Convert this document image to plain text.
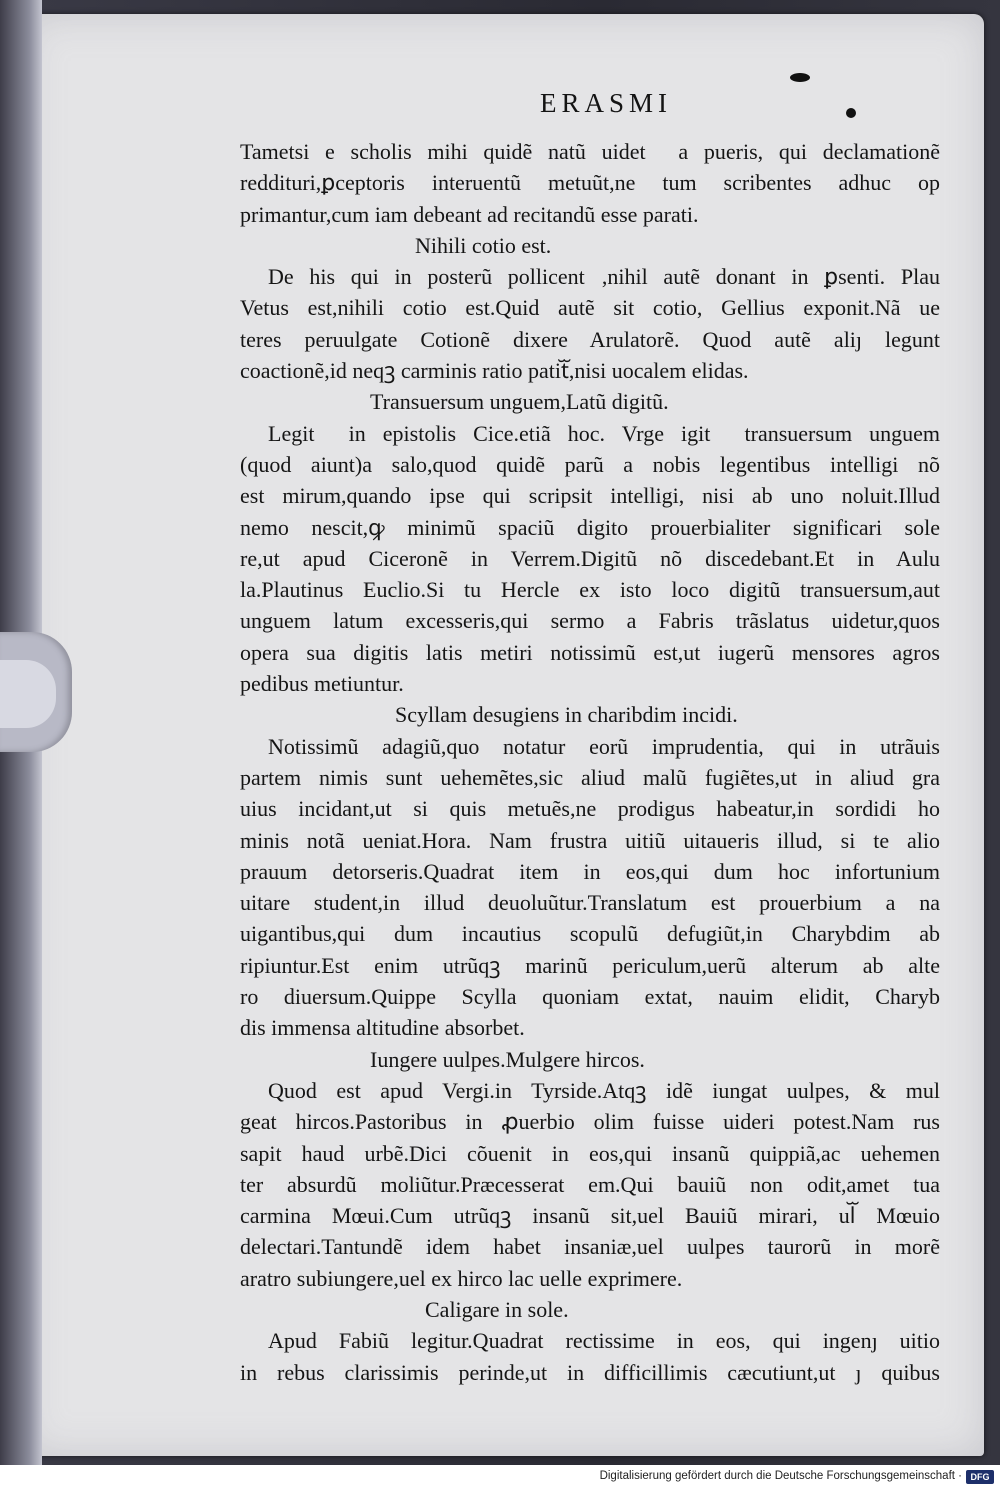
ERASMI
Tametsi e scholis mihi quidẽ natũ uidetᷓ a pueris, qui declamationẽ
reddituri,ꝑceptoris interuentũ metuũt,ne tum scribentes adhuc op
primantur,cum iam debeant ad recitandũ esse parati.
Nihili cotio est.
De his qui in posterũ pollicentᷓ,nihil autẽ donant in ꝑsenti. Plau
Vetus est,nihili cotio est.Quid autẽ sit cotio, Gellius exponit.Nã ue
teres peruulgate Cotionẽ dixere Arulatorẽ. Quod autẽ aliȷ legunt
coactionẽ,id neqꝫ carminis ratio patitᷓ,nisi uocalem elidas.
Transuersum unguem,Latũ digitũ.
Legitᷓ in epistolis Cice.etiã hoc. Vrge igitᷓ transuersum unguem
(quod aiunt)a salo,quod quidẽ parũ a nobis legentibus intelligi nõ
est mirum,quando ipse qui scripsit intelligi, nisi ab uno noluit.Illud
nemo nescit,ꝙ minimũ spaciũ digito prouerbialiter significari sole
re,ut apud Ciceronẽ in Verrem.Digitũ nõ discedebant.Et in Aulu
la.Plautinus Euclio.Si tu Hercle ex isto loco digitũ transuersum,aut
unguem latum excesseris,qui sermo a Fabris trãslatus uidetur,quos
opera sua digitis latis metiri notissimũ est,ut iugerũ mensores agros
pedibus metiuntur.
Scyllam desugiens in charibdim incidi.
Notissimũ adagiũ,quo notatur eorũ imprudentia, qui in utrãuis
partem nimis sunt uehemẽtes,sic aliud malũ fugiẽtes,ut in aliud gra
uius incidant,ut si quis metuẽs,ne prodigus habeatur,in sordidi ho
minis notã ueniat.Hora. Nam frustra uitiũ uitaueris illud, si te alio
prauum detorseris.Quadrat item in eos,qui dum hoc infortunium
uitare student,in illud deuoluũtur.Translatum est prouerbium a na
uigantibus,qui dum incautius scopulũ defugiũt,in Charybdim ab
ripiuntur.Est enim utrũqꝫ marinũ periculum,uerũ alterum ab alte
ro diuersum.Quippe Scylla quoniam extat, nauim elidit, Charyb
dis immensa altitudine absorbet.
Iungere uulpes.Mulgere hircos.
Quod est apud Vergi.in Tyrside.Atqꝫ idẽ iungat uulpes, & mul
geat hircos.Pastoribus in ꝓuerbio olim fuisse uideri potest.Nam rus
sapit haud urbẽ.Dici cõuenit in eos,qui insanũ quippiã,ac uehemen
ter absurdũ moliũtur.Præcesserat em.Qui bauiũ non odit,amet tua
carmina Mœui.Cum utrũqꝫ insanũ sit,uel Bauiũ mirari, ulᷓ Mœuio
delectari.Tantundẽ idem habet insaniæ,uel uulpes taurorũ in morẽ
aratro subiungere,uel ex hirco lac uelle exprimere.
Caligare in sole.
Apud Fabiũ legitur.Quadrat rectissime in eos, qui ingenȷ uitio
in rebus clarissimis perinde,ut in difficillimis cæcutiunt,ut ȷ quibus
Digitalisierung gefördert durch die Deutsche Forschungsgemeinschaft · DFG
